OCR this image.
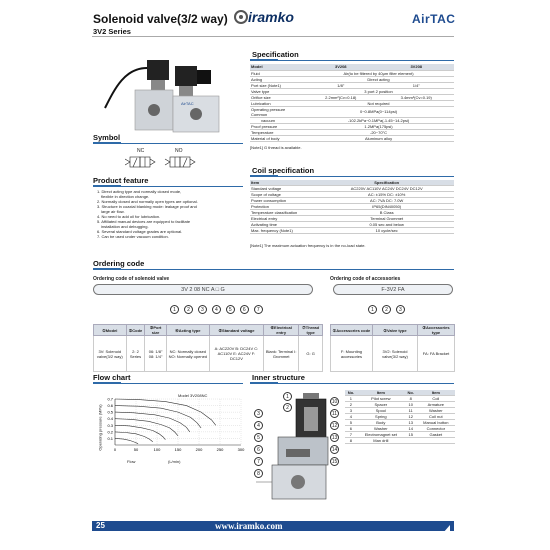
Solenoid valve(3/2 way)
3V2 Series
iramko	AirTAC
AirTAC
Symbol
NC	NO
Product feature
1. Direct acting type and normally closed mode,
flexible in direction change.
2. Normally closed and normally open types are optional.
3. Structure in coaxial blanking mode: leakage proof and
large air flow.
4. No need to add oil for lubrication.
5. Affiliated manual devices are equipped to facilitate
installation and debugging.
6. Several standard voltage grades are optional.
7. Can be used under vacuum condition.
Specification
Model	3V208	3V208
Fluid	Air(to be filtered by 40μm filter element)	
Acting	Direct acting	
Port size (Note1)	1/8"	1/4"
Valve type	3 port 2 position	
Orifice size	2.2mm²(Cv=0.18)	3.4mm²(Cv=0.19)
Lubrication	Not required	
Operating pressure Common	0~0.8MPa(0~114psi)	
vacuum	-102.2kPa~0.1MPa(-1.45~14.2psi)	
Proof pressure	1.2MPa(175psi)	
Temperature	-20~70°C	
Material of body	Aluminum alloy	
[Note1] G thread is available.
Coil specification
Item	Specification
Standard voltage	AC220V AC110V AC24V DC24V DC12V
Scope of voltage	AC: ±15% DC: ±10%
Power consumption	AC: 7VA DC: 7.0W
Protection	IP65(DIN40050)
Temperature classification	B Class
Electrical entry	Terminal Grommet
Activating time	0.05 sec and below
Max. frequency (Note1)	10 cycle/sec
[Note1] The maximum actuation frequency is in the no-load state.
Ordering code
Ordering code of solenoid valve
3V 2 08 NC A □ G
1 2 3 4 5 6 7
①Model	②Code	③Port size	④Acting type	⑤Standard voltage	⑥Electrical entry	⑦Thread type
3V: Solenoid valve(3/2 way)	2: 2 Series	06: 1/8" 08: 1/4"	NC: Normally closed NO: Normally opened	A: AC220V B: DC24V C: AC110V E: AC24V F: DC12V	Blank: Terminal I: Grommet	G: G
Ordering code of accessories
F-3V2 FA
1 2 3
①Accessories code	②Valve type	③Accessories type
F: Mounting accessories	3V2: Solenoid valve(3/2 way)	FA: FA Bracket
Flow chart
Model 3V208NC
Operating pressure (MPa) 0.1
0.2
0.3
0.4
0.5
0.6
0.7
0	50	100	150	200	250	300
Flow	(L/min)
Inner structure
1
2
3
4
5
6
7
8
10
11
12
13
14
15
No.	Item	No.	Item
1	Pilot screw	8	Coil
2	Spacer	10	Armature
3	Spool	11	Washer
4	Spring	12	Coil nut
5	Body	13	Manual button
6	Washer	14	Connector
7	Electromagnet set	15	Gasket
8	Man drill		
25	www.iramko.com
